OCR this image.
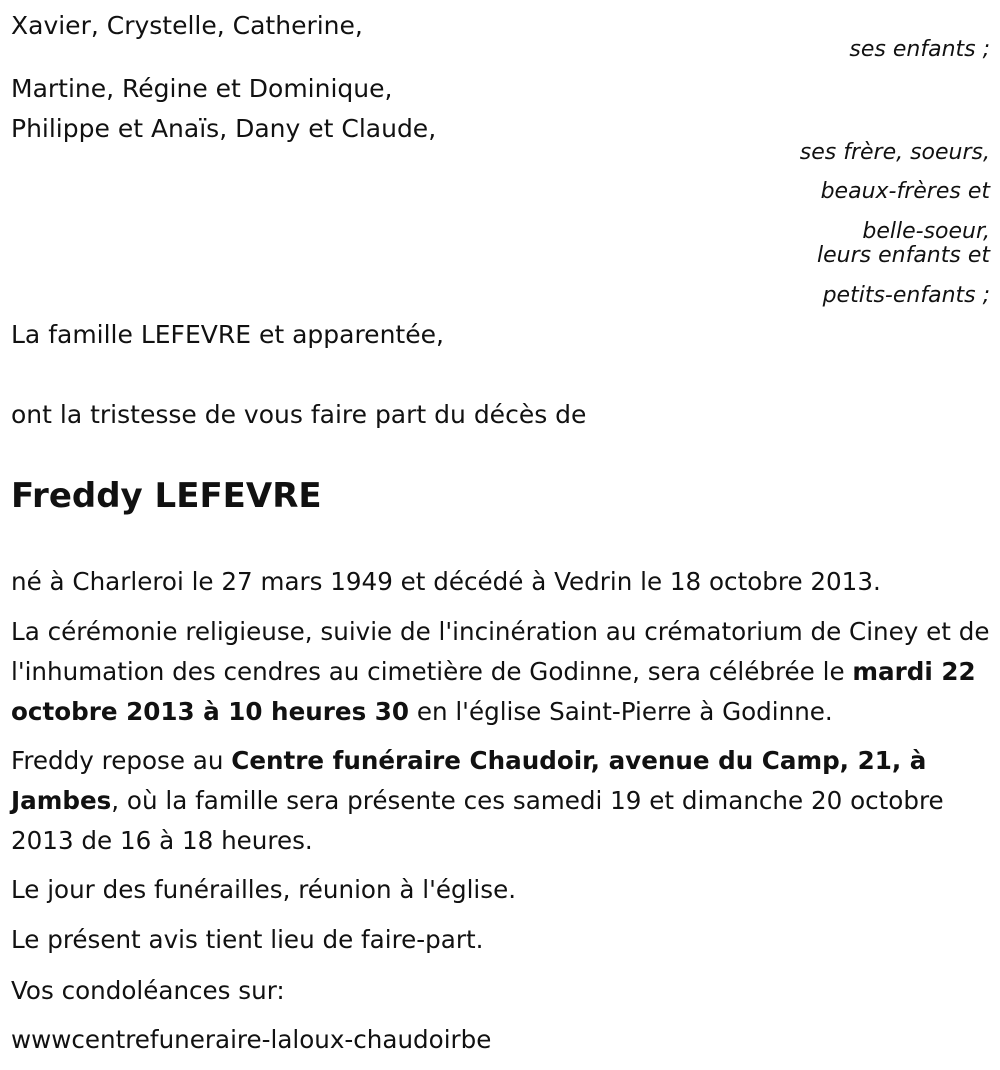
Xavier, Crystelle, Catherine,

ses enfants ;

Martine, Régine et Dominique,

Philippe et Anaïs, Dany et Claude,

ses frère, soeurs,

beaux-frères et

belle-soeur,

leurs enfants et

petits-enfants ;

La famille LEFEVRE et apparentée,

ont la tristesse de vous faire part du décès de

Freddy LEFEVRE

né à Charleroi le 27 mars 1949 et décédé à Vedrin le 18 octobre 2013.

La cérémonie religieuse, suivie de l'incinération au crématorium de Ciney et de l'inhumation des cendres au cimetière de Godinne, sera célébrée le mardi 22 octobre 2013 à 10 heures 30 en l'église Saint-Pierre à Godinne.

Freddy repose au Centre funéraire Chaudoir, avenue du Camp, 21, à Jambes, où la famille sera présente ces samedi 19 et dimanche 20 octobre 2013 de 16 à 18 heures.

Le jour des funérailles, réunion à l'église.

Le présent avis tient lieu de faire-part.

Vos condoléances sur:

wwwcentrefuneraire-laloux-chaudoirbe
